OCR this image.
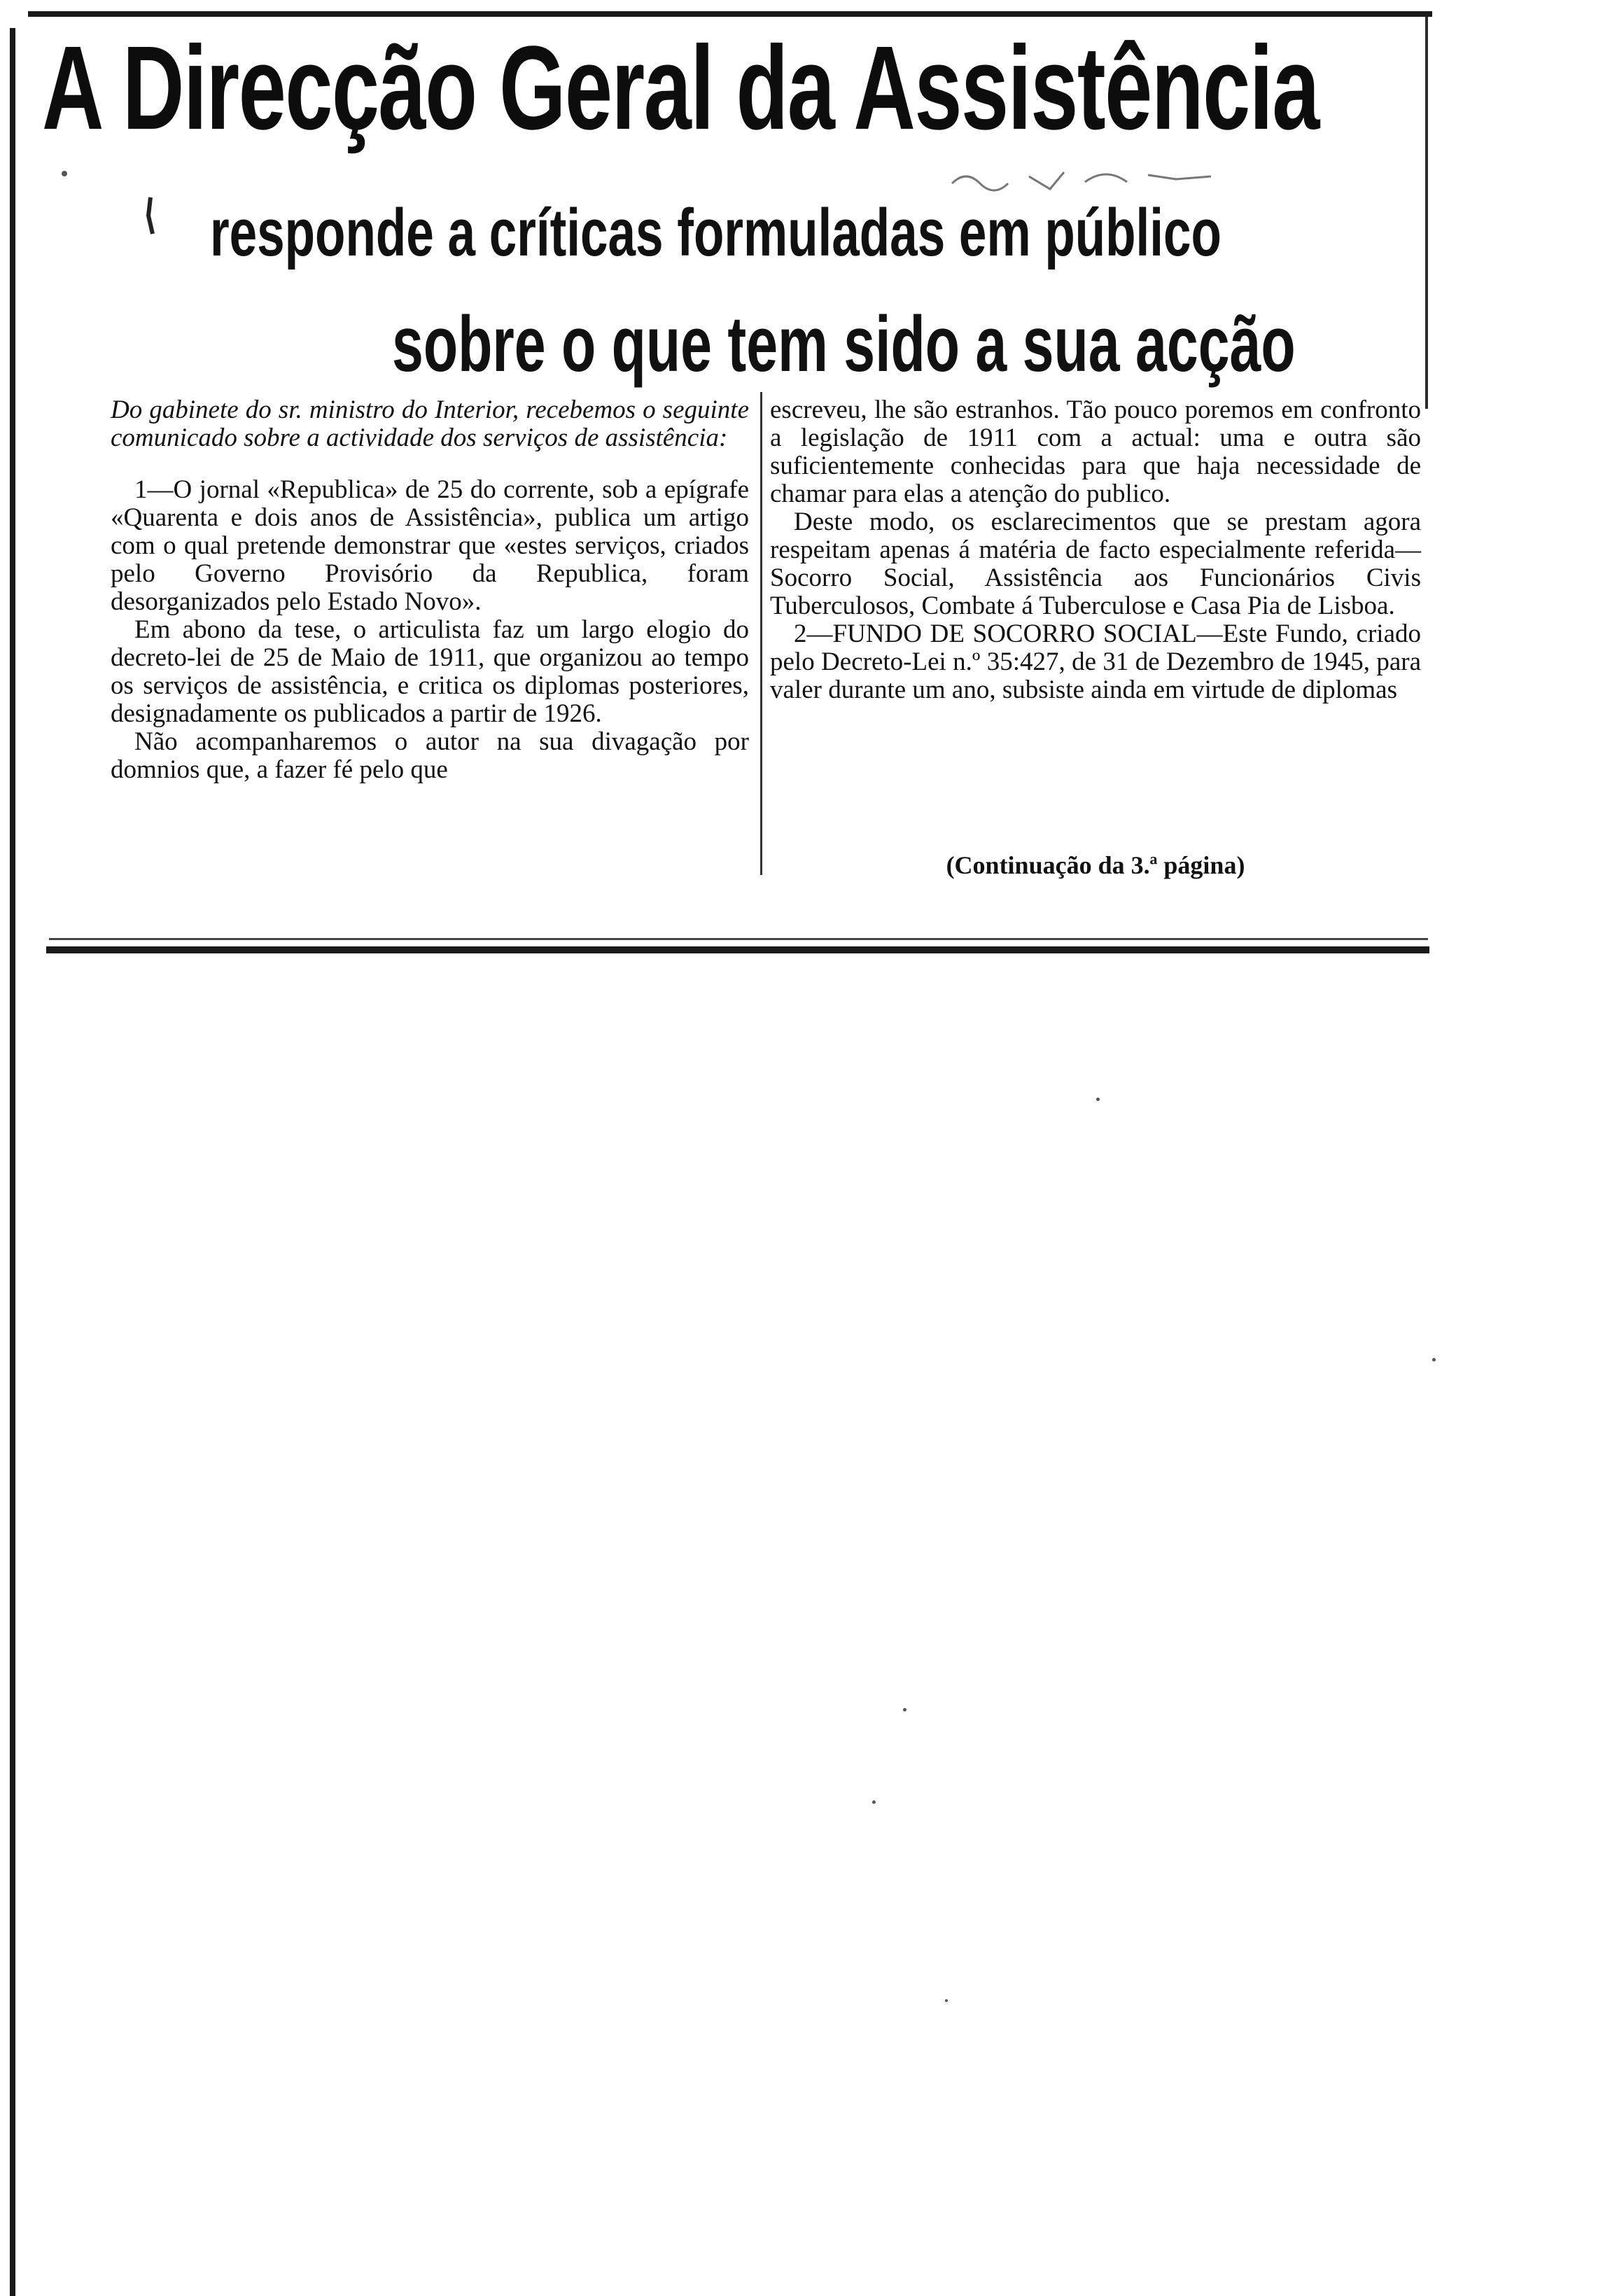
A Direcção Geral da Assistência

responde a críticas formuladas em público

sobre o que tem sido a sua acção

Do gabinete do sr. ministro do Interior, recebemos o seguinte comunicado sobre a actividade dos serviços de assistência:

1—O jornal «Republica» de 25 do corrente, sob a epígrafe «Quarenta e dois anos de Assistência», publica um artigo com o qual pretende demonstrar que «estes serviços, criados pelo Governo Provisório da Republica, foram desorganizados pelo Estado Novo».

Em abono da tese, o articulista faz um largo elogio do decreto-lei de 25 de Maio de 1911, que organizou ao tempo os serviços de assistência, e critica os diplomas posteriores, designadamente os publicados a partir de 1926.

Não acompanharemos o autor na sua divagação por domnios que, a fazer fé pelo que

escreveu, lhe são estranhos. Tão pouco poremos em confronto a legislação de 1911 com a actual: uma e outra são suficientemente conhecidas para que haja necessidade de chamar para elas a atenção do publico.

Deste modo, os esclarecimentos que se prestam agora respeitam apenas á matéria de facto especialmente referida—Socorro Social, Assistência aos Funcionários Civis Tuberculosos, Combate á Tuberculose e Casa Pia de Lisboa.

2—FUNDO DE SOCORRO SOCIAL—Este Fundo, criado pelo Decreto-Lei n.º 35:427, de 31 de Dezembro de 1945, para valer durante um ano, subsiste ainda em virtude de diplomas

(Continuação da 3.ª página)
